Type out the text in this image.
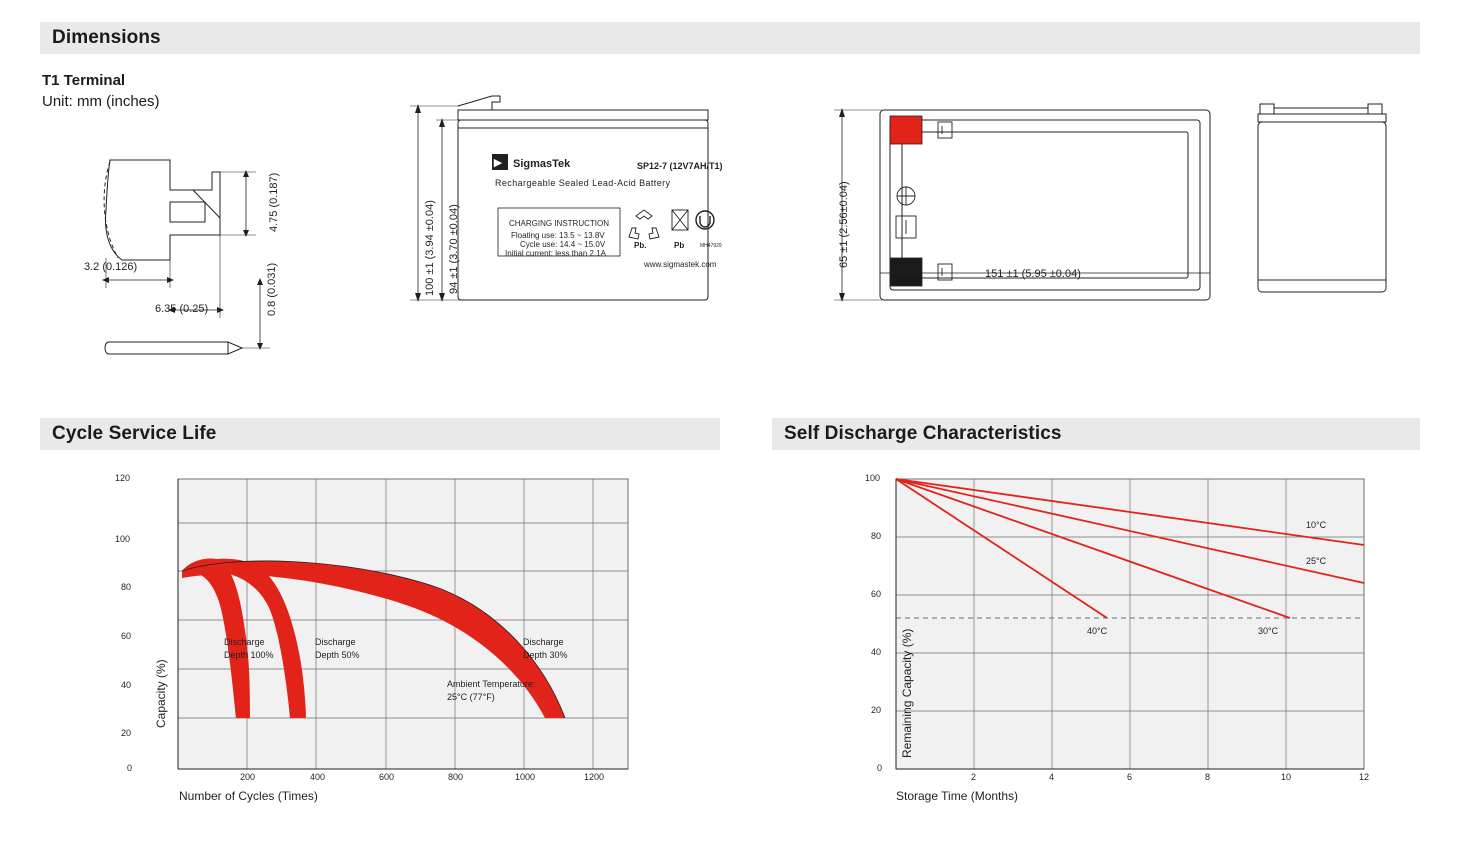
Dimensions
T1 Terminal
Unit: mm (inches)
4.75 (0.187)
3.2 (0.126)
6.35 (0.25)	0.8 (0.031)
▶
100 ±1 (3.94 ±0.04) 94 ±1 (3.70 ±0.04)
SigmasTek	SP12-7 (12V7AH/T1)
Rechargeable Sealed Lead-Acid Battery
CHARGING INSTRUCTION
Floating use: 13.5 ~ 13.8V
Cycle use: 14.4 ~ 15.0V
Initial current: less than 2.1A
www.sigmastek.com
Pb.	Pb	MH47929	65 ±1 (2.56±0.04)
151 ±1 (5.95 ±0.04)
Cycle Service Life
120
100
80
60
40
20
0
200	400	600	800	1000	1200
Number of Cycles (Times)
Capacity (%)
Discharge
Depth 100%
Discharge
Depth 50%
Discharge
Depth 30%
Ambient Temperature:
25°C (77°F)
Self Discharge Characteristics
100
80
60
40
20
0
2	4	6	8	10	12
Storage Time (Months)
Remaining Capacity (%)
10°C
25°C
40°C	30°C
